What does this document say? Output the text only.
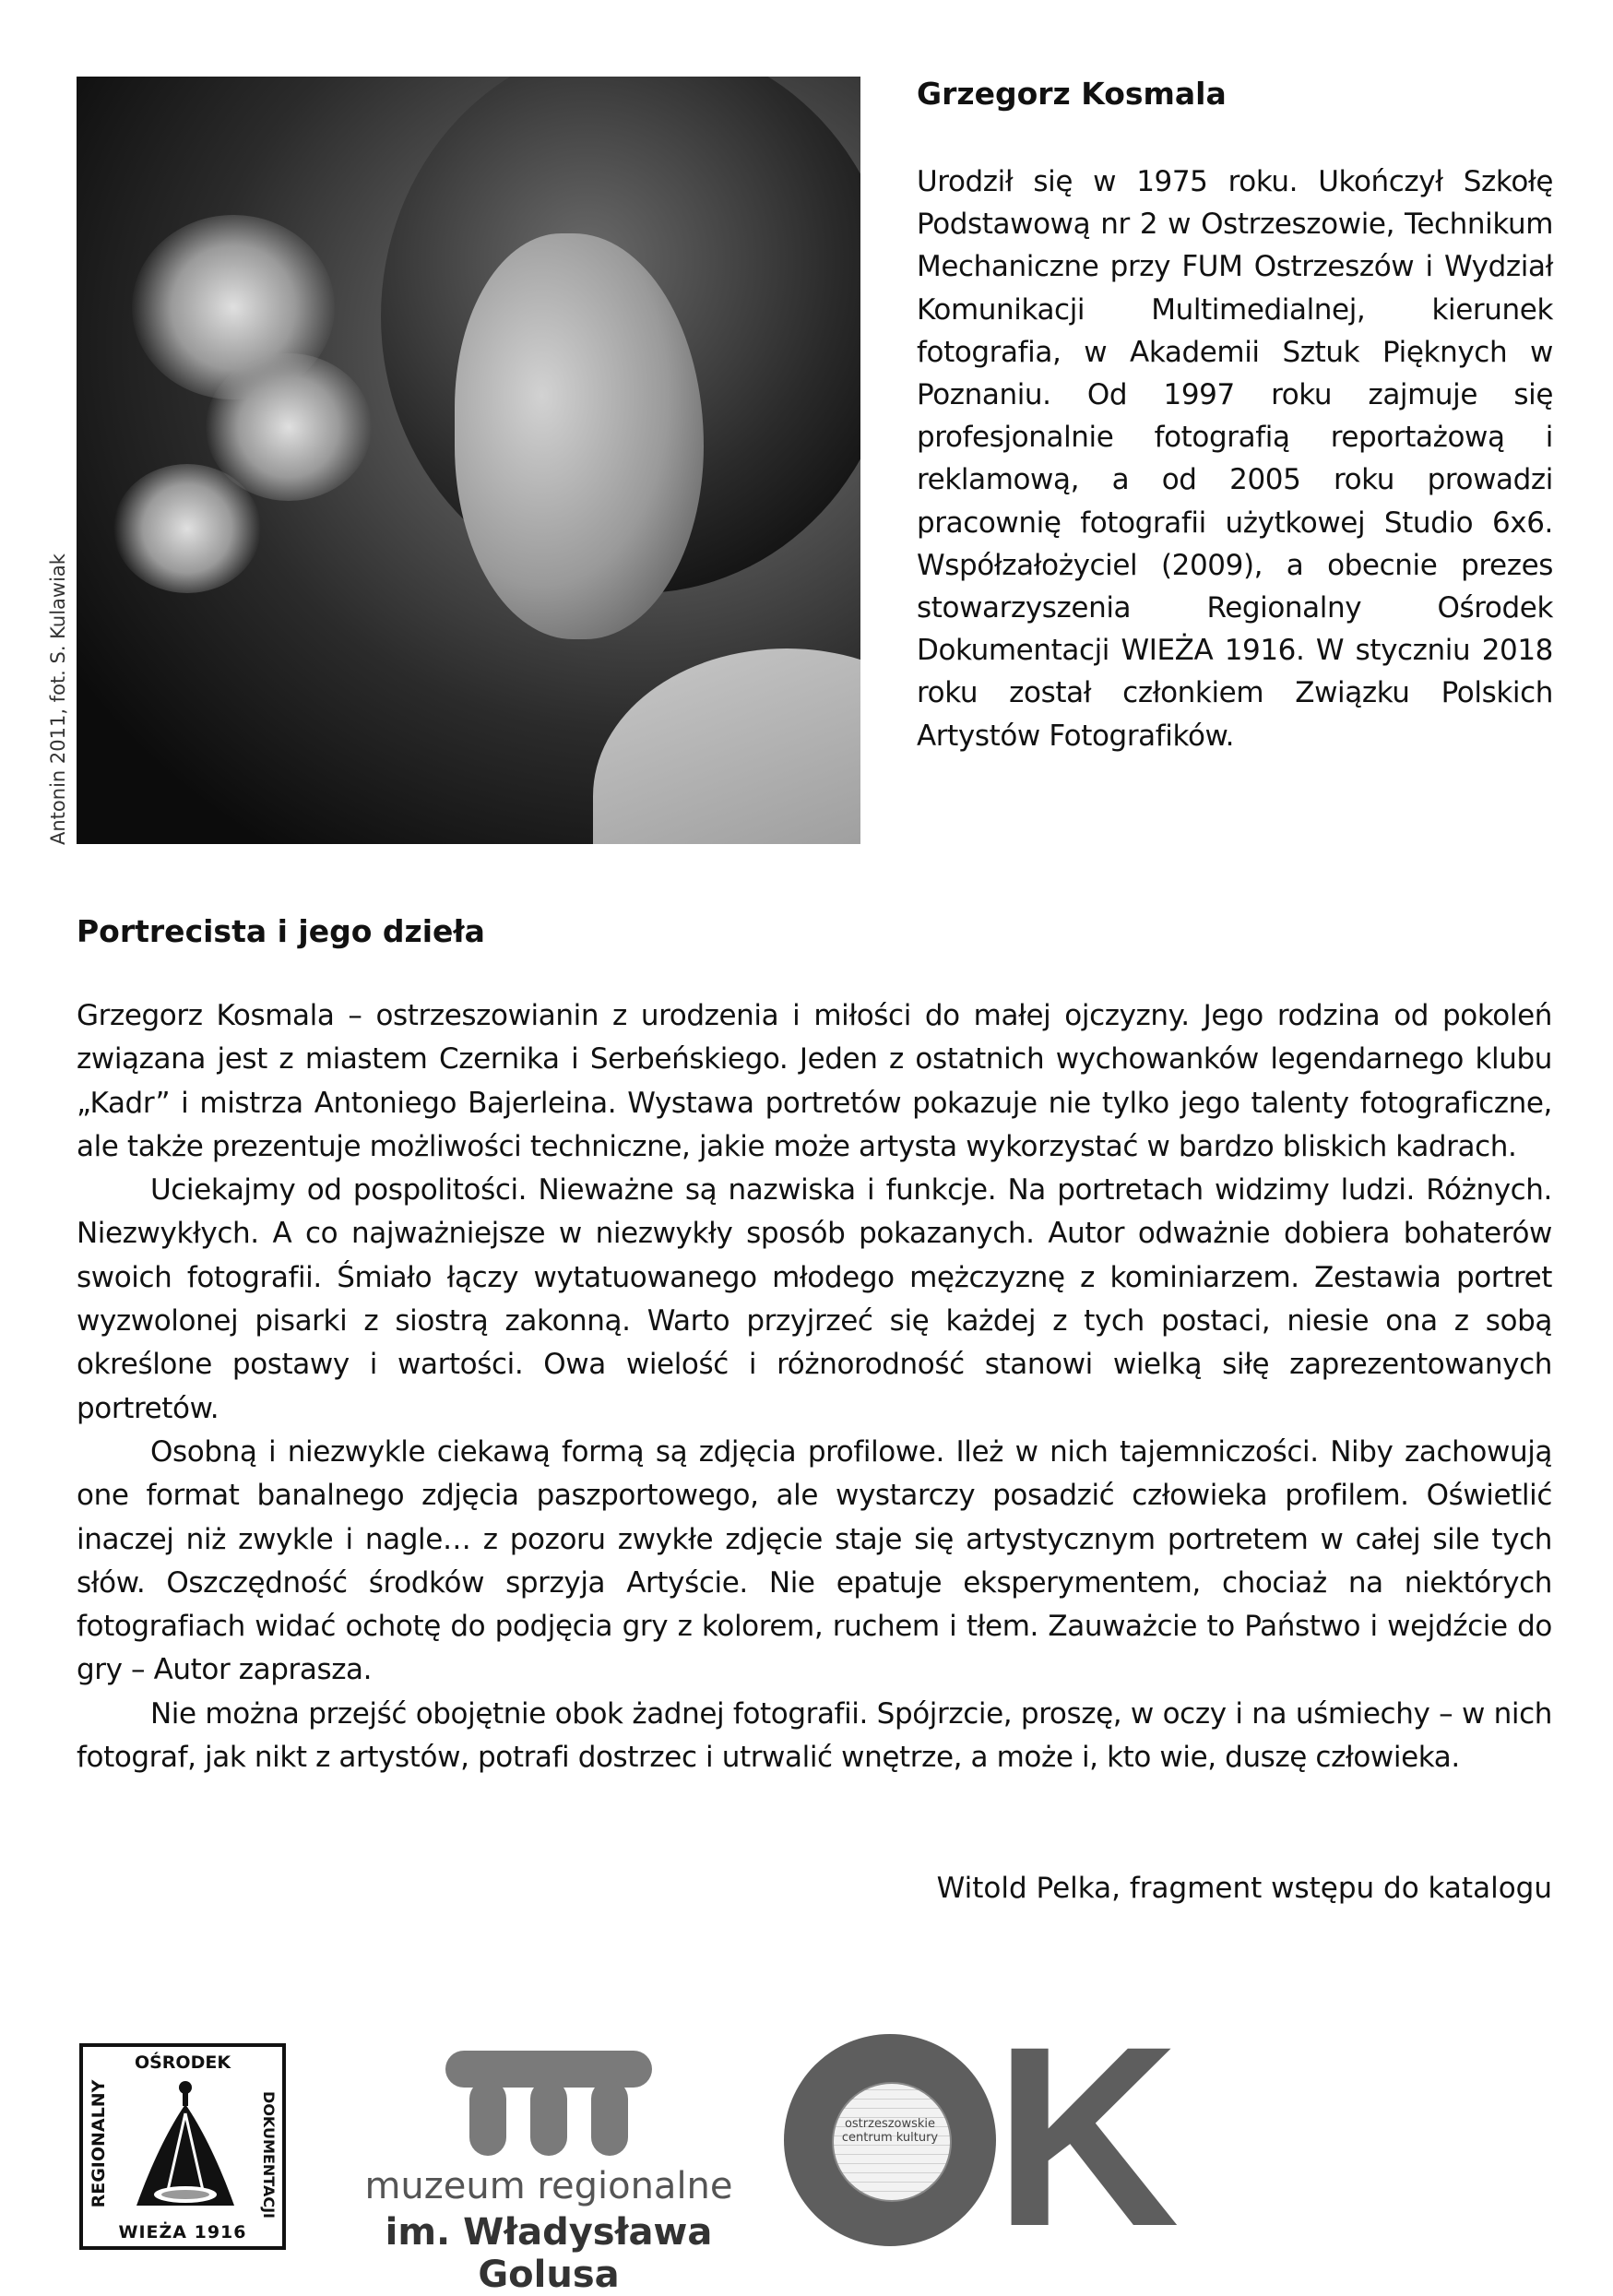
Antonin 2011, fot. S. Kulawiak
Grzegorz Kosmala

Urodził się w 1975 roku. Ukończył Szkołę Podstawową nr 2 w Ostrzeszowie, Technikum Mechaniczne przy FUM Ostrzeszów i Wydział Komunikacji Multimedialnej, kierunek fotografia, w Akademii Sztuk Pięknych w Poznaniu. Od 1997 roku zajmuje się profesjonalnie fotografią reportażową i reklamową, a od 2005 roku prowadzi pracownię fotografii użytkowej Studio 6x6. Współzałożyciel (2009), a obecnie prezes stowarzyszenia Regionalny Ośrodek Dokumentacji WIEŻA 1916. W styczniu 2018 roku został członkiem Związku Polskich Artystów Fotografików.

Portrecista i jego dzieła

Grzegorz Kosmala – ostrzeszowianin z urodzenia i miłości do małej ojczyzny. Jego rodzina od pokoleń związana jest z miastem Czernika i Serbeńskiego. Jeden z ostatnich wychowanków legendarnego klubu „Kadr” i mistrza Antoniego Bajerleina. Wystawa portretów pokazuje nie tylko jego talenty fotograficzne, ale także prezentuje możliwości techniczne, jakie może artysta wykorzystać w bardzo bliskich kadrach.

Uciekajmy od pospolitości. Nieważne są nazwiska i funkcje. Na portretach widzimy ludzi. Różnych. Niezwykłych. A co najważniejsze w niezwykły sposób pokazanych. Autor odważnie dobiera bohaterów swoich fotografii. Śmiało łączy wytatuowanego młodego mężczyznę z kominiarzem. Zestawia portret wyzwolonej pisarki z siostrą zakonną. Warto przyjrzeć się każdej z tych postaci, niesie ona z sobą określone postawy i wartości. Owa wielość i różnorodność stanowi wielką siłę zaprezentowanych portretów.

Osobną i niezwykle ciekawą formą są zdjęcia profilowe. Ileż w nich tajemniczości. Niby zachowują one format banalnego zdjęcia paszportowego, ale wystarczy posadzić człowieka profilem. Oświetlić inaczej niż zwykle i nagle… z pozoru zwykłe zdjęcie staje się artystycznym portretem w całej sile tych słów. Oszczędność środków sprzyja Artyście. Nie epatuje eksperymentem, chociaż na niektórych fotografiach widać ochotę do podjęcia gry z kolorem, ruchem i tłem. Zauważcie to Państwo i wejdźcie do gry – Autor zaprasza.

Nie można przejść obojętnie obok żadnej fotografii. Spójrzcie, proszę, w oczy i na uśmiechy – w nich fotograf, jak nikt z artystów, potrafi dostrzec i utrwalić wnętrze, a może i, kto wie, duszę człowieka.

Witold Pelka, fragment wstępu do katalogu

OŚRODEK
REGIONALNY	DOKUMENTACJI
WIEŻA 1916
muzeum regionalne
im. Władysława Golusa
ostrzeszowskie centrum kultury K
